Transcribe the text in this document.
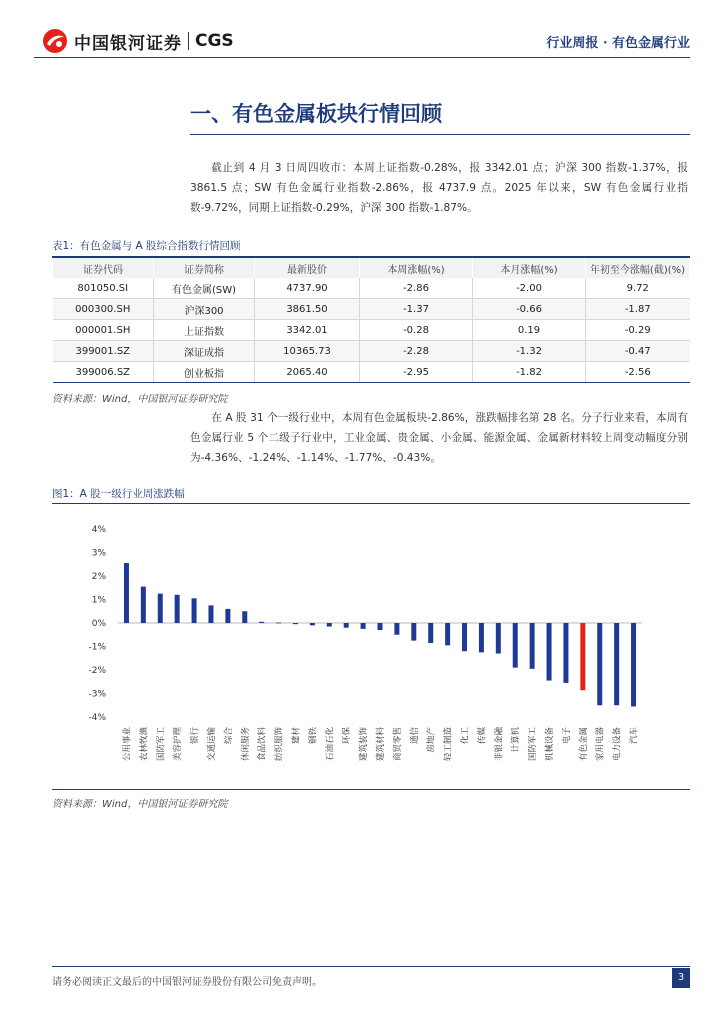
中国银河证券 CGS	行业周报 · 有色金属行业
一、有色金属板块行情回顾
截止到 4 月 3 日周四收市：本周上证指数-0.28%，报 3342.01 点；沪深 300 指数-1.37%，报 3861.5 点；SW 有色金属行业指数-2.86%，报 4737.9 点。2025 年以来，SW 有色金属行业指数-9.72%，同期上证指数-0.29%，沪深 300 指数-1.87%。
表1：有色金属与 A 股综合指数行情回顾
证券代码	证券简称	最新股价	本周涨幅(%)	本月涨幅(%)	年初至今涨幅(截)(%)
801050.SI	有色金属(SW)	4737.90	-2.86	-2.00	9.72
000300.SH	沪深300	3861.50	-1.37	-0.66	-1.87
000001.SH	上证指数	3342.01	-0.28	0.19	-0.29
399001.SZ	深证成指	10365.73	-2.28	-1.32	-0.47
399006.SZ	创业板指	2065.40	-2.95	-1.82	-2.56
资料来源：Wind，中国银河证券研究院
在 A 股 31 个一级行业中，本周有色金属板块-2.86%，涨跌幅排名第 28 名。分子行业来看，本周有色金属行业 5 个二级子行业中，工业金属、贵金属、小金属、能源金属、金属新材料较上周变动幅度分别为-4.36%、-1.24%、-1.14%、-1.77%、-0.43%。
图1：A 股一级行业周涨跌幅
4%
3%
2%
1%
0%
-1%
-2%
-3%
-4%
公用事业 农林牧渔 国防军工 美容护理 银行 交通运输 综合 休闲服务 食品饮料 纺织服饰 建材 钢铁 石油石化 环保 建筑装饰 建筑材料 商贸零售 通信 房地产 轻工制造 化工 传媒 非银金融 计算机 国防军工 机械设备 电子 有色金属 家用电器 电力设备 汽车
资料来源：Wind，中国银河证券研究院
请务必阅读正文最后的中国银河证券股份有限公司免责声明。	3
